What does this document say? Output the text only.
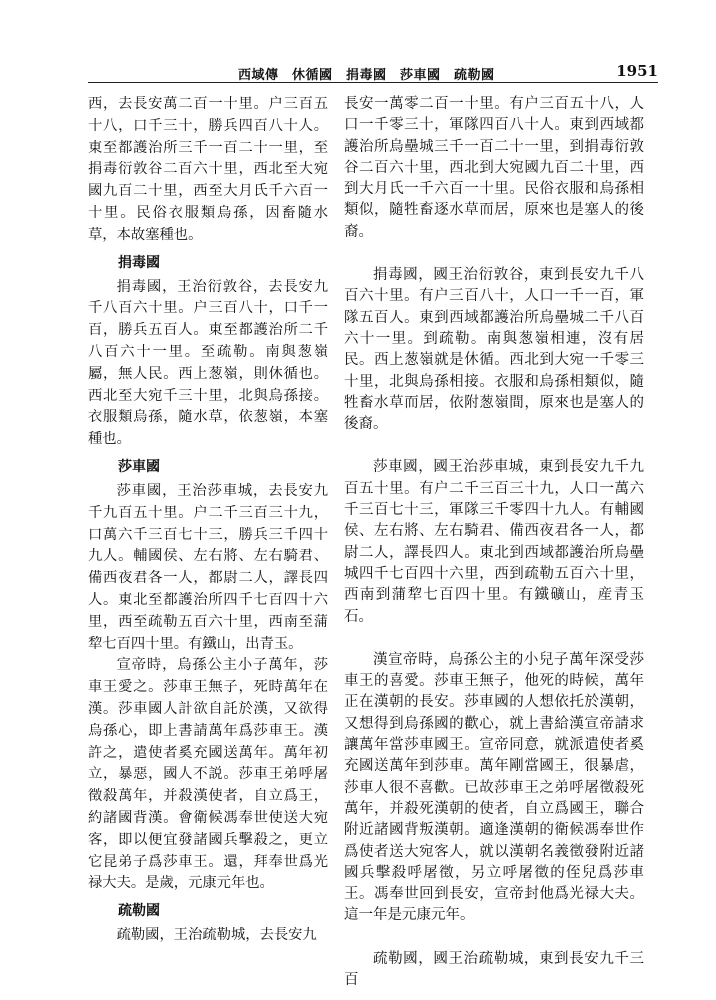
西域傳　休循國　捐毒國　莎車國　疏勒國	1951

西，去長安萬二百一十里。户三百五十八，口千三十，勝兵四百八十人。東至都護治所三千一百二十一里，至捐毒衍敦谷二百六十里，西北至大宛國九百二十里，西至大月氏千六百一十里。民俗衣服類烏孫，因畜隨水草，本故塞種也。

捐毒國

捐毒國，王治衍敦谷，去長安九千八百六十里。户三百八十，口千一百，勝兵五百人。東至都護治所二千八百六十一里。至疏勒。南與葱嶺屬，無人民。西上葱嶺，則休循也。西北至大宛千三十里，北與烏孫接。衣服類烏孫，隨水草，依葱嶺，本塞種也。

莎車國

莎車國，王治莎車城，去長安九千九百五十里。户二千三百三十九，口萬六千三百七十三，勝兵三千四十九人。輔國侯、左右將、左右騎君、備西夜君各一人，都尉二人，譯長四人。東北至都護治所四千七百四十六里，西至疏勒五百六十里，西南至蒲犂七百四十里。有鐵山，出青玉。

宣帝時，烏孫公主小子萬年，莎車王愛之。莎車王無子，死時萬年在漢。莎車國人計欲自託於漢，又欲得烏孫心，即上書請萬年爲莎車王。漢許之，遣使者奚充國送萬年。萬年初立，暴惡，國人不説。莎車王弟呼屠徵殺萬年，并殺漢使者，自立爲王，約諸國背漢。會衛候馮奉世使送大宛客，即以便宜發諸國兵擊殺之，更立它昆弟子爲莎車王。還，拜奉世爲光禄大夫。是歲，元康元年也。

疏勒國

疏勒國，王治疏勒城，去長安九

長安一萬零二百一十里。有户三百五十八，人口一千零三十，軍隊四百八十人。東到西域都護治所烏壘城三千一百二十一里，到捐毒衍敦谷二百六十里，西北到大宛國九百二十里，西到大月氏一千六百一十里。民俗衣服和烏孫相類似，隨牲畜逐水草而居，原來也是塞人的後裔。

捐毒國，國王治衍敦谷，東到長安九千八百六十里。有户三百八十，人口一千一百，軍隊五百人。東到西域都護治所烏壘城二千八百六十一里。到疏勒。南與葱嶺相連，沒有居民。西上葱嶺就是休循。西北到大宛一千零三十里，北與烏孫相接。衣服和烏孫相類似，隨牲畜水草而居，依附葱嶺間，原來也是塞人的後裔。

莎車國，國王治莎車城，東到長安九千九百五十里。有户二千三百三十九，人口一萬六千三百七十三，軍隊三千零四十九人。有輔國侯、左右將、左右騎君、備西夜君各一人，都尉二人，譯長四人。東北到西域都護治所烏壘城四千七百四十六里，西到疏勒五百六十里，西南到蒲犂七百四十里。有鐵礦山，産青玉石。

漢宣帝時，烏孫公主的小兒子萬年深受莎車王的喜愛。莎車王無子，他死的時候，萬年正在漢朝的長安。莎車國的人想依托於漢朝，又想得到烏孫國的歡心，就上書給漢宣帝請求讓萬年當莎車國王。宣帝同意，就派遣使者奚充國送萬年到莎車。萬年剛當國王，很暴虐，莎車人很不喜歡。已故莎車王之弟呼屠徵殺死萬年，并殺死漢朝的使者，自立爲國王，聯合附近諸國背叛漢朝。適逢漢朝的衛候馮奉世作爲使者送大宛客人，就以漢朝名義徵發附近諸國兵擊殺呼屠徵，另立呼屠徵的侄兒爲莎車王。馮奉世回到長安，宣帝封他爲光禄大夫。這一年是元康元年。

疏勒國，國王治疏勒城，東到長安九千三百
